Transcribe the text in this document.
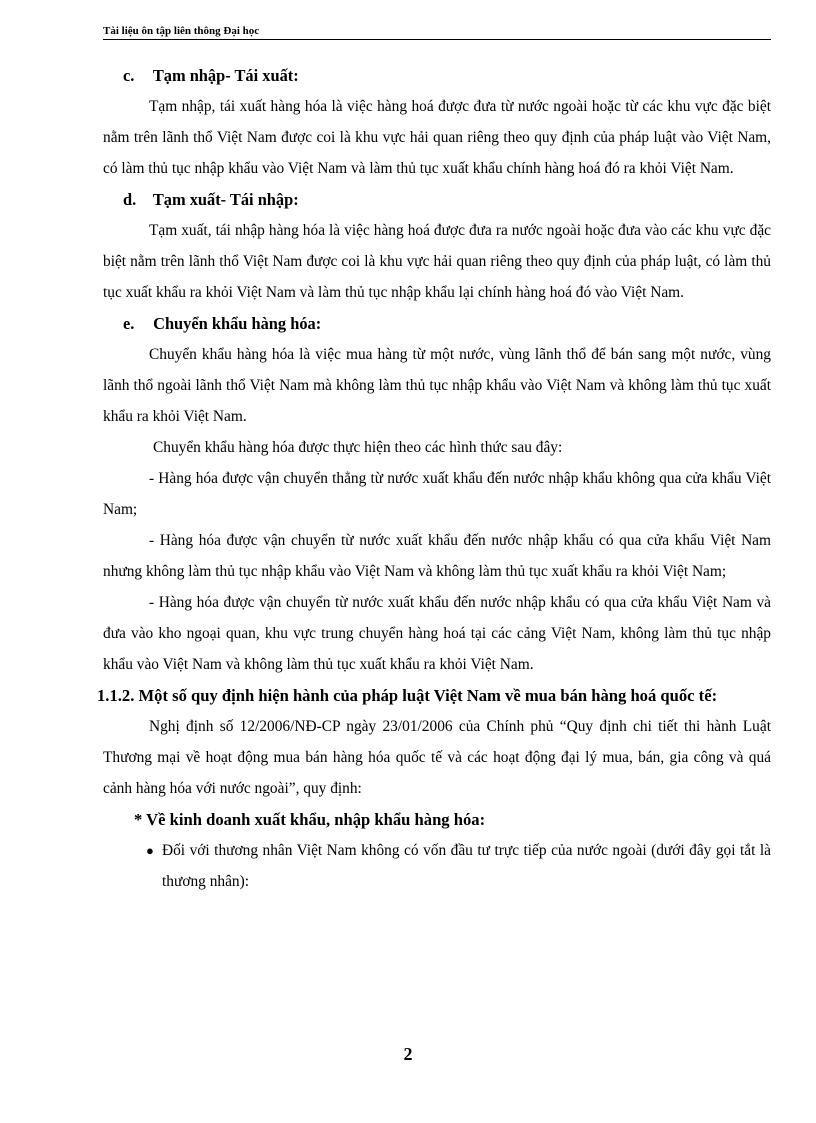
Tài liệu ôn tập liên thông Đại học

c. Tạm nhập- Tái xuất:

Tạm nhập, tái xuất hàng hóa là việc hàng hoá được đưa từ nước ngoài hoặc từ các khu vực đặc biệt nằm trên lãnh thổ Việt Nam được coi là khu vực hải quan riêng theo quy định của pháp luật vào Việt Nam, có làm thủ tục nhập khẩu vào Việt Nam và làm thủ tục xuất khẩu chính hàng hoá đó ra khỏi Việt Nam.

d. Tạm xuất- Tái nhập:

Tạm xuất, tái nhập hàng hóa là việc hàng hoá được đưa ra nước ngoài hoặc đưa vào các khu vực đặc biệt nằm trên lãnh thổ Việt Nam được coi là khu vực hải quan riêng theo quy định của pháp luật, có làm thủ tục xuất khẩu ra khỏi Việt Nam và làm thủ tục nhập khẩu lại chính hàng hoá đó vào Việt Nam.

e. Chuyển khẩu hàng hóa:

Chuyển khẩu hàng hóa là việc mua hàng từ một nước, vùng lãnh thổ để bán sang một nước, vùng lãnh thổ ngoài lãnh thổ Việt Nam mà không làm thủ tục nhập khẩu vào Việt Nam và không làm thủ tục xuất khẩu ra khỏi Việt Nam.

Chuyển khẩu hàng hóa được thực hiện theo các hình thức sau đây:

- Hàng hóa được vận chuyển thẳng từ nước xuất khẩu đến nước nhập khẩu không qua cửa khẩu Việt Nam;

- Hàng hóa được vận chuyển từ nước xuất khẩu đến nước nhập khẩu có qua cửa khẩu Việt Nam nhưng không làm thủ tục nhập khẩu vào Việt Nam và không làm thủ tục xuất khẩu ra khỏi Việt Nam;

- Hàng hóa được vận chuyển từ nước xuất khẩu đến nước nhập khẩu có qua cửa khẩu Việt Nam và đưa vào kho ngoại quan, khu vực trung chuyển hàng hoá tại các cảng Việt Nam, không làm thủ tục nhập khẩu vào Việt Nam và không làm thủ tục xuất khẩu ra khỏi Việt Nam.

1.1.2. Một số quy định hiện hành của pháp luật Việt Nam về mua bán hàng hoá quốc tế:

Nghị định số 12/2006/NĐ-CP ngày 23/01/2006 của Chính phủ “Quy định chi tiết thi hành Luật Thương mại về hoạt động mua bán hàng hóa quốc tế và các hoạt động đại lý mua, bán, gia công và quá cảnh hàng hóa với nước ngoài”, quy định:

* Về kinh doanh xuất khẩu, nhập khẩu hàng hóa:

● Đối với thương nhân Việt Nam không có vốn đầu tư trực tiếp của nước ngoài (dưới đây gọi tắt là thương nhân):

2
